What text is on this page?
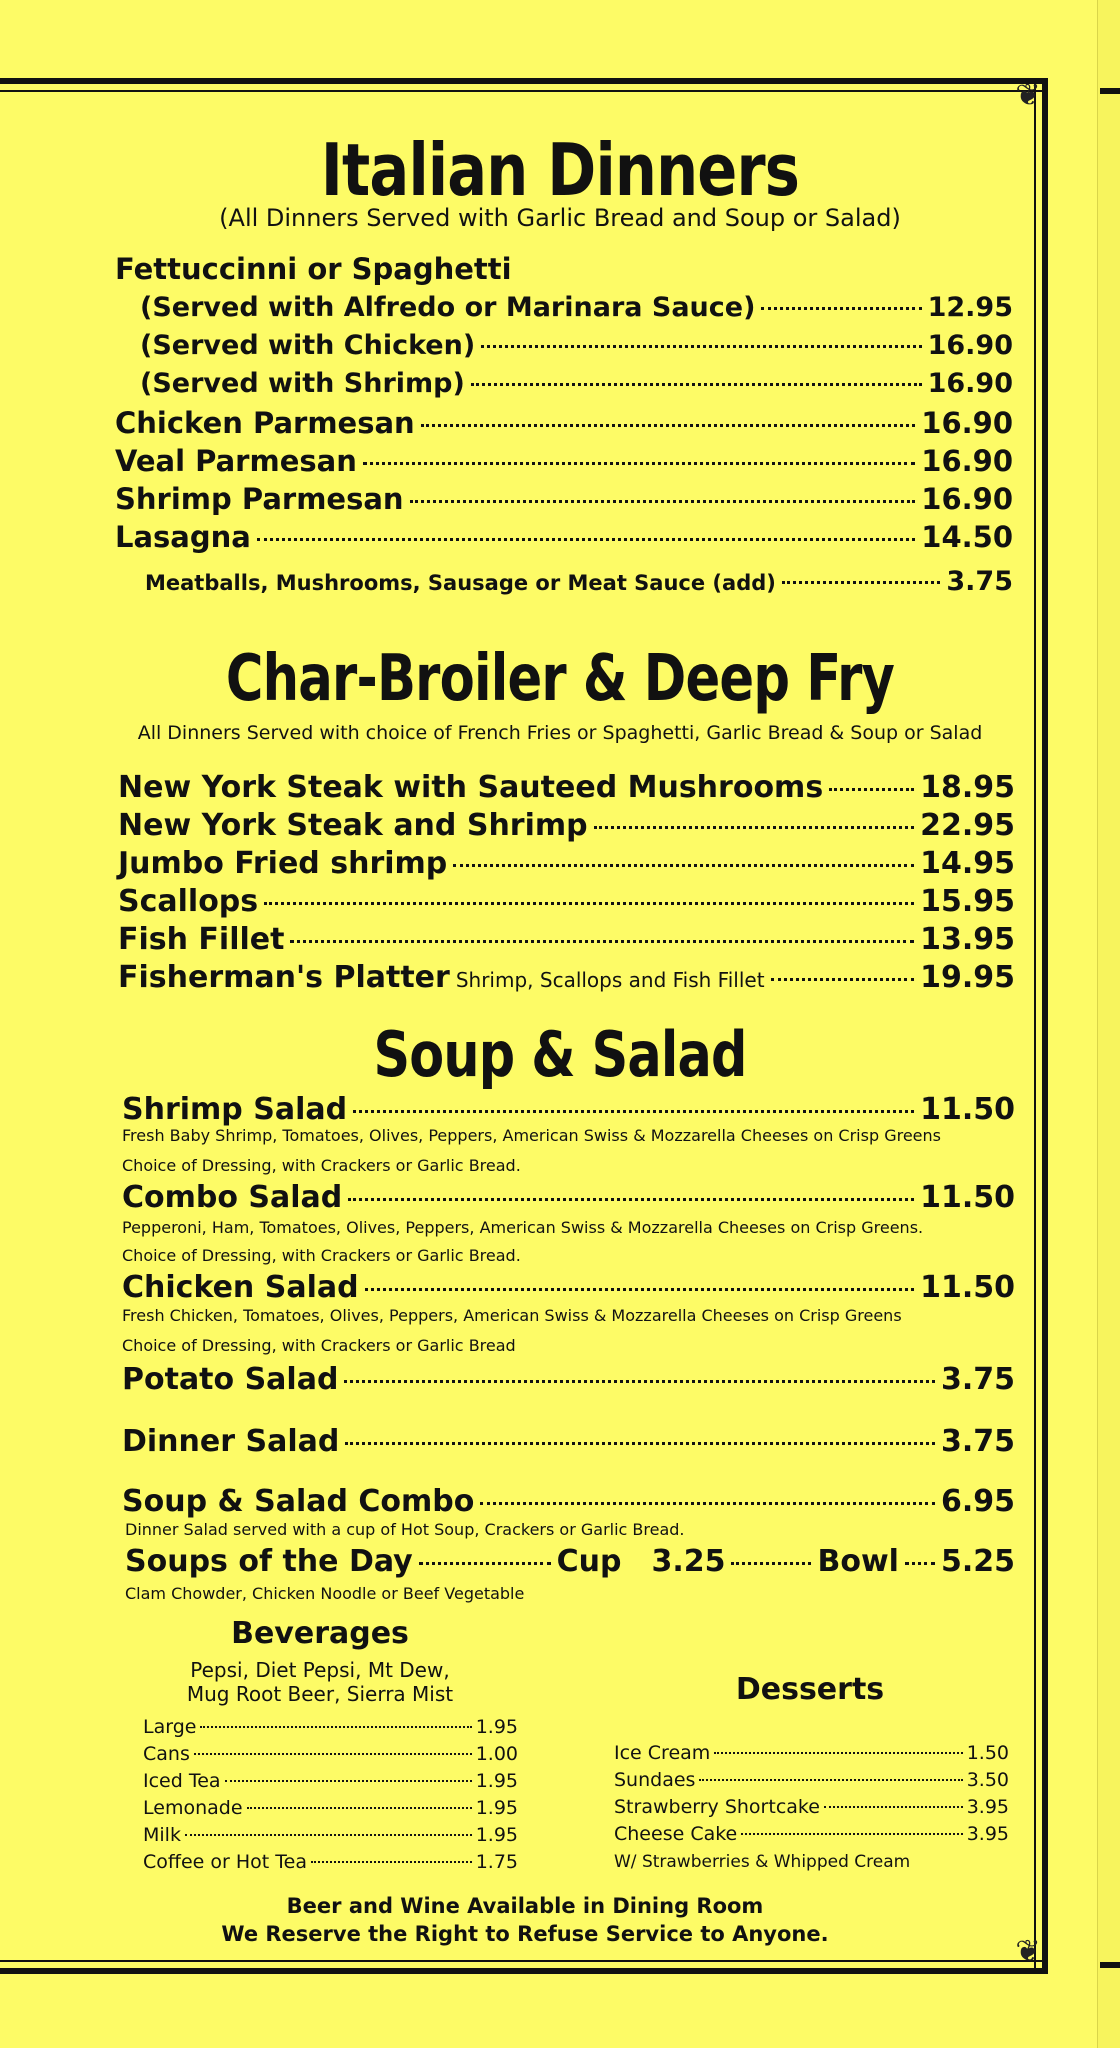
❦
❦
Italian Dinners
(All Dinners Served with Garlic Bread and Soup or Salad)
Fettuccinni or Spaghetti
(Served with Alfredo or Marinara Sauce)	12.95
(Served with Chicken)	16.90
(Served with Shrimp)	16.90
Chicken Parmesan	16.90
Veal Parmesan	16.90
Shrimp Parmesan	16.90
Lasagna	14.50
Meatballs, Mushrooms, Sausage or Meat Sauce (add)	3.75
Char-Broiler & Deep Fry
All Dinners Served with choice of French Fries or Spaghetti, Garlic Bread & Soup or Salad
New York Steak with Sauteed Mushrooms	18.95
New York Steak and Shrimp	22.95
Jumbo Fried shrimp	14.95
Scallops	15.95
Fish Fillet	13.95
Fisherman's Platter Shrimp, Scallops and Fish Fillet	19.95
Soup & Salad
Shrimp Salad	11.50
Fresh Baby Shrimp, Tomatoes, Olives, Peppers, American Swiss & Mozzarella Cheeses on Crisp Greens
Choice of Dressing, with Crackers or Garlic Bread.
Combo Salad	11.50
Pepperoni, Ham, Tomatoes, Olives, Peppers, American Swiss & Mozzarella Cheeses on Crisp Greens.
Choice of Dressing, with Crackers or Garlic Bread.
Chicken Salad	11.50
Fresh Chicken, Tomatoes, Olives, Peppers, American Swiss & Mozzarella Cheeses on Crisp Greens
Choice of Dressing, with Crackers or Garlic Bread
Potato Salad	3.75
Dinner Salad	3.75
Soup & Salad Combo	6.95
Dinner Salad served with a cup of Hot Soup, Crackers or Garlic Bread.
Soups of the Day	Cup 3.25	Bowl 5.25
Clam Chowder, Chicken Noodle or Beef Vegetable
Beverages
Pepsi, Diet Pepsi, Mt Dew,
Mug Root Beer, Sierra Mist
Large	1.95
Cans	1.00
Iced Tea	1.95
Lemonade	1.95
Milk	1.95
Coffee or Hot Tea	1.75
Desserts
Ice Cream	1.50
Sundaes	3.50
Strawberry Shortcake	3.95
Cheese Cake	3.95
W/ Strawberries & Whipped Cream
Beer and Wine Available in Dining Room
We Reserve the Right to Refuse Service to Anyone.
